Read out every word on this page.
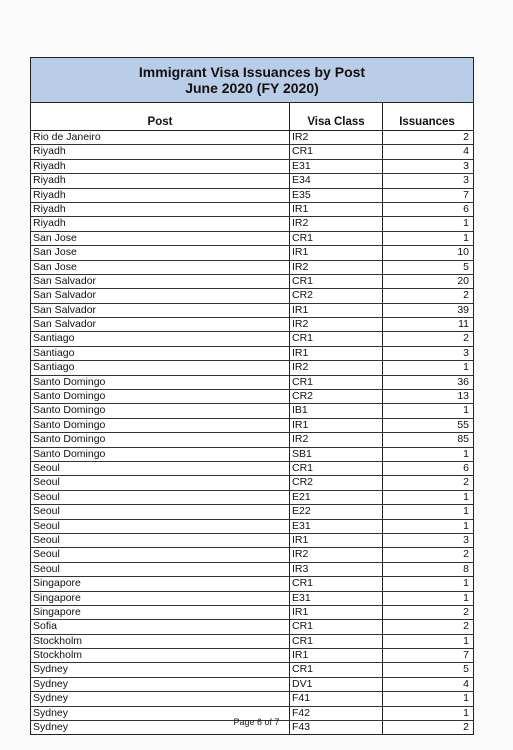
Immigrant Visa Issuances by Post
June 2020 (FY 2020)
Post	Visa Class	Issuances
Rio de Janeiro	IR2	2
Riyadh	CR1	4
Riyadh	E31	3
Riyadh	E34	3
Riyadh	E35	7
Riyadh	IR1	6
Riyadh	IR2	1
San Jose	CR1	1
San Jose	IR1	10
San Jose	IR2	5
San Salvador	CR1	20
San Salvador	CR2	2
San Salvador	IR1	39
San Salvador	IR2	11
Santiago	CR1	2
Santiago	IR1	3
Santiago	IR2	1
Santo Domingo	CR1	36
Santo Domingo	CR2	13
Santo Domingo	IB1	1
Santo Domingo	IR1	55
Santo Domingo	IR2	85
Santo Domingo	SB1	1
Seoul	CR1	6
Seoul	CR2	2
Seoul	E21	1
Seoul	E22	1
Seoul	E31	1
Seoul	IR1	3
Seoul	IR2	2
Seoul	IR3	8
Singapore	CR1	1
Singapore	E31	1
Singapore	IR1	2
Sofia	CR1	2
Stockholm	CR1	1
Stockholm	IR1	7
Sydney	CR1	5
Sydney	DV1	4
Sydney	F41	1
Sydney	F42	1
Sydney	F43	2
Page 6 of 7
